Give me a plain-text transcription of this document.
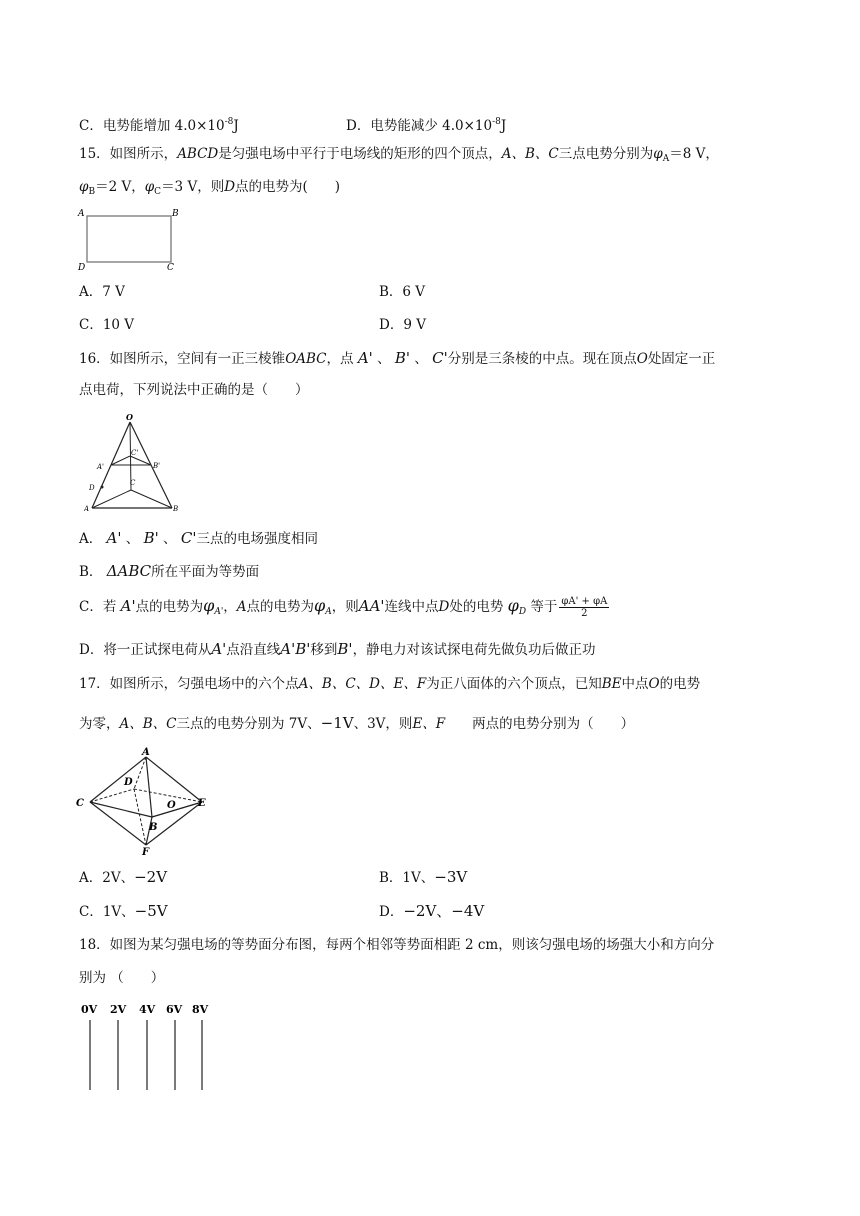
C．电势能增加 $4.0\times 10^{-8}J$	D．电势能减少 $4.0\times 10^{-8}J$
15．如图所示，ABCD是匀强电场中平行于电场线的矩形的四个顶点，A、B、C三点电势分别为$\varphi_A=8$ V，
$\varphi_B=2$ V，$\varphi_C=3$ V，则D点的电势为(　　)
A	B
D	C
A．7 V	B．6 V
C．10 V	D．9 V
16．如图所示，空间有一正三棱锥OABC，点 A' 、 B' 、 C'分别是三条棱的中点。现在顶点O处固定一正
点电荷，下列说法中正确的是（　　）
O
C'
A'	B'
D
C
A	B
A． A' 、 B' 、 C'三点的电场强度相同
B． ΔABC所在平面为等势面
C．若 A'点的电势为$\varphi_{A'}$，A点的电势为$\varphi_A$，则AA'连线中点D处的电势 $\varphi_D$ 等于 $\frac{\varphi A' + \varphi A}{2}$
D．将一正试探电荷从A'点沿直线A'B'移到B'，静电力对该试探电荷先做负功后做正功
17．如图所示，匀强电场中的六个点A、B、C、D、E、F为正八面体的六个顶点，已知BE中点O的电势
为零，A、B、C三点的电势分别为 7V、−1V、3V，则E、F　　两点的电势分别为（　　）
A
D
C	O E
B
F
A．2V、−2V	B．1V、−3V
C．1V、−5V	D．−2V、−4V
18．如图为某匀强电场的等势面分布图，每两个相邻等势面相距 2 cm，则该匀强电场的场强大小和方向分
别为 （　　）
0V 2V 4V 6V 8V
